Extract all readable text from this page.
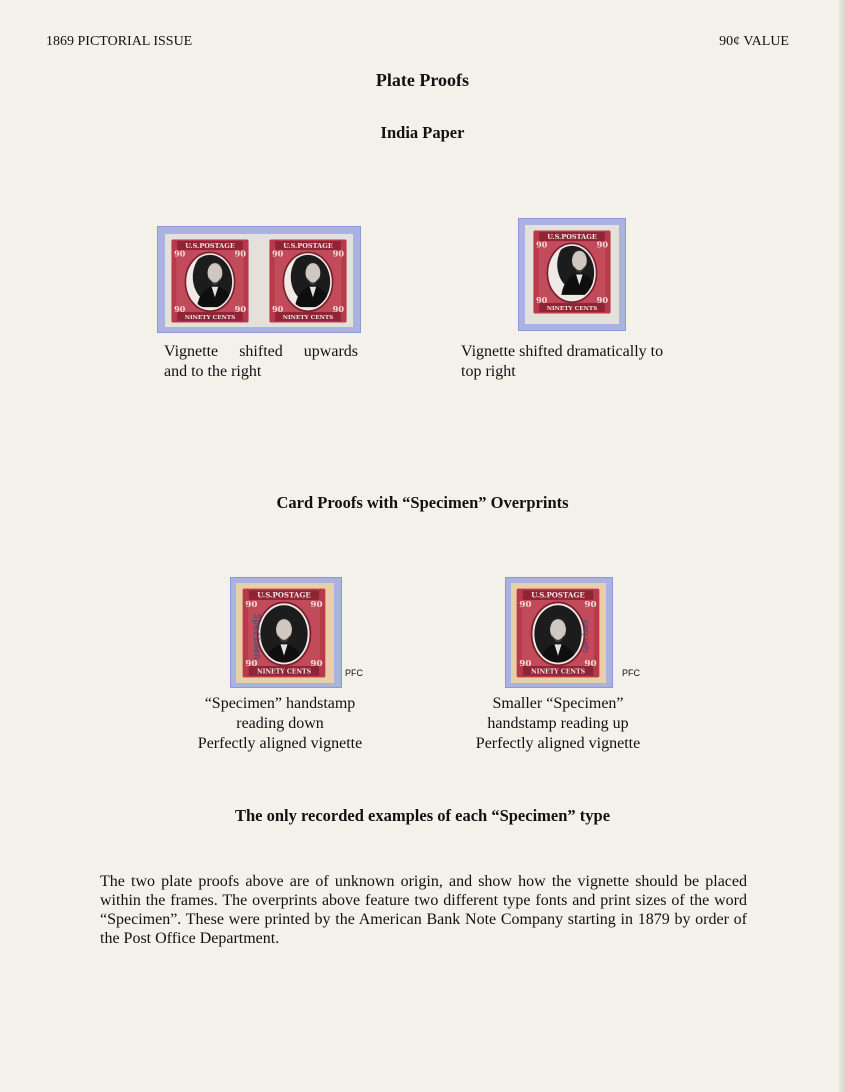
1869 PICTORIAL ISSUE	90¢ VALUE
Plate Proofs
India Paper
U.S.POSTAGE
NINETY CENTS
90	90
90	90
U.S.POSTAGE
NINETY CENTS
90	90
90	90
U.S.POSTAGE
NINETY CENTS
90	90
90	90
Vignette shifted upwards
and to the right
Vignette shifted dramatically to
top right
Card Proofs with “Specimen” Overprints
U.S.POSTAGE
NINETY CENTS
90	90
90	90
Specimen
PFC
U.S.POSTAGE
NINETY CENTS
90	90
90	90
Specimen
PFC
“Specimen” handstamp
reading down
Perfectly aligned vignette
Smaller “Specimen”
handstamp reading up
Perfectly aligned vignette
The only recorded examples of each “Specimen” type
The two plate proofs above are of unknown origin, and show how the vignette should be placed within the frames. The overprints above feature two different type fonts and print sizes of the word “Specimen”. These were printed by the American Bank Note Company starting in 1879 by order of the Post Office Department.
